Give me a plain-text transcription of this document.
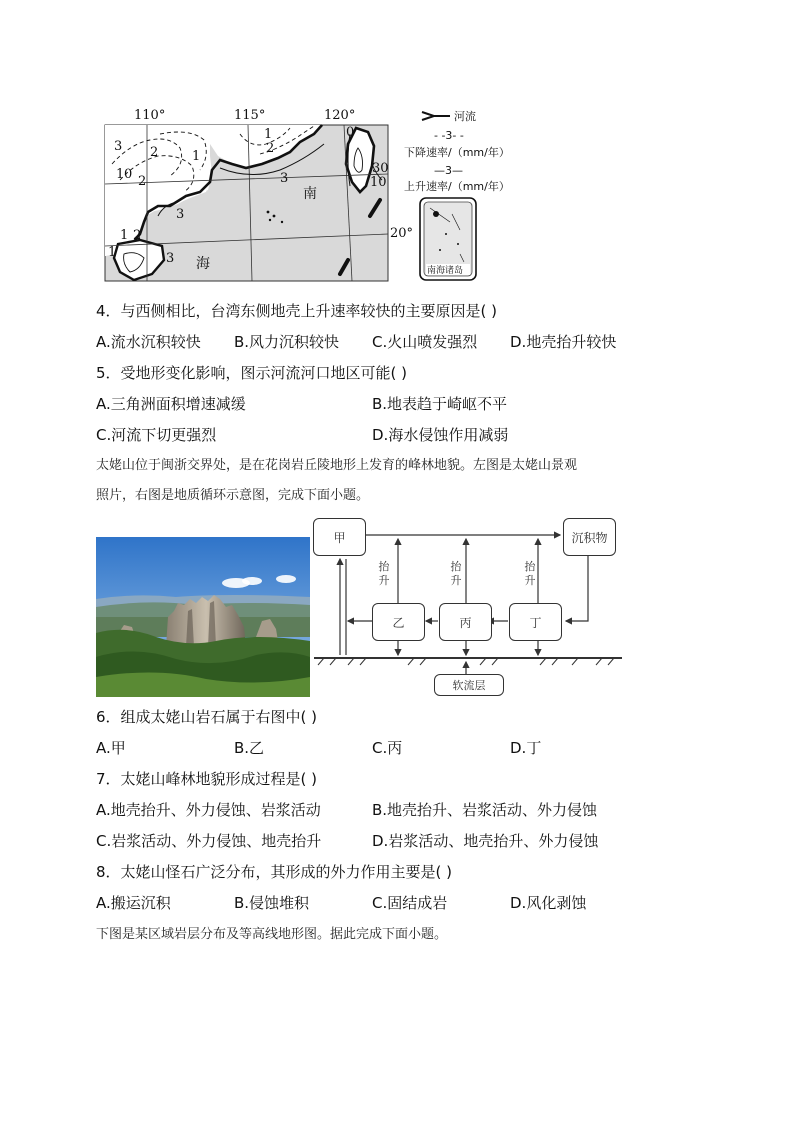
110°	115°	120°
20°
南
海
3 2	1
0
1 2
1
2
3
3
1 2
1	3
0
30
10
河流
- -3- -
下降速率/（mm/年）
—3—
上升速率/（mm/年）
南海诸岛
4．与西侧相比，台湾东侧地壳上升速率较快的主要原因是( )
A.流水沉积较快 B.风力沉积较快 C.火山喷发强烈 D.地壳抬升较快
5．受地形变化影响，图示河流河口地区可能( )
A.三角洲面积增速减缓	B.地表趋于崎岖不平
C.河流下切更强烈	D.海水侵蚀作用减弱
太姥山位于闽浙交界处，是在花岗岩丘陵地形上发育的峰林地貌。左图是太姥山景观
照片，右图是地质循环示意图，完成下面小题。
甲	沉积物
乙	丙	丁
软流层
抬升
抬升
抬升
6．组成太姥山岩石属于右图中( )
A.甲	B.乙	C.丙	D.丁
7．太姥山峰林地貌形成过程是( )
A.地壳抬升、外力侵蚀、岩浆活动	B.地壳抬升、岩浆活动、外力侵蚀
C.岩浆活动、外力侵蚀、地壳抬升	D.岩浆活动、地壳抬升、外力侵蚀
8．太姥山怪石广泛分布，其形成的外力作用主要是( )
A.搬运沉积	B.侵蚀堆积	C.固结成岩	D.风化剥蚀
下图是某区域岩层分布及等高线地形图。据此完成下面小题。
